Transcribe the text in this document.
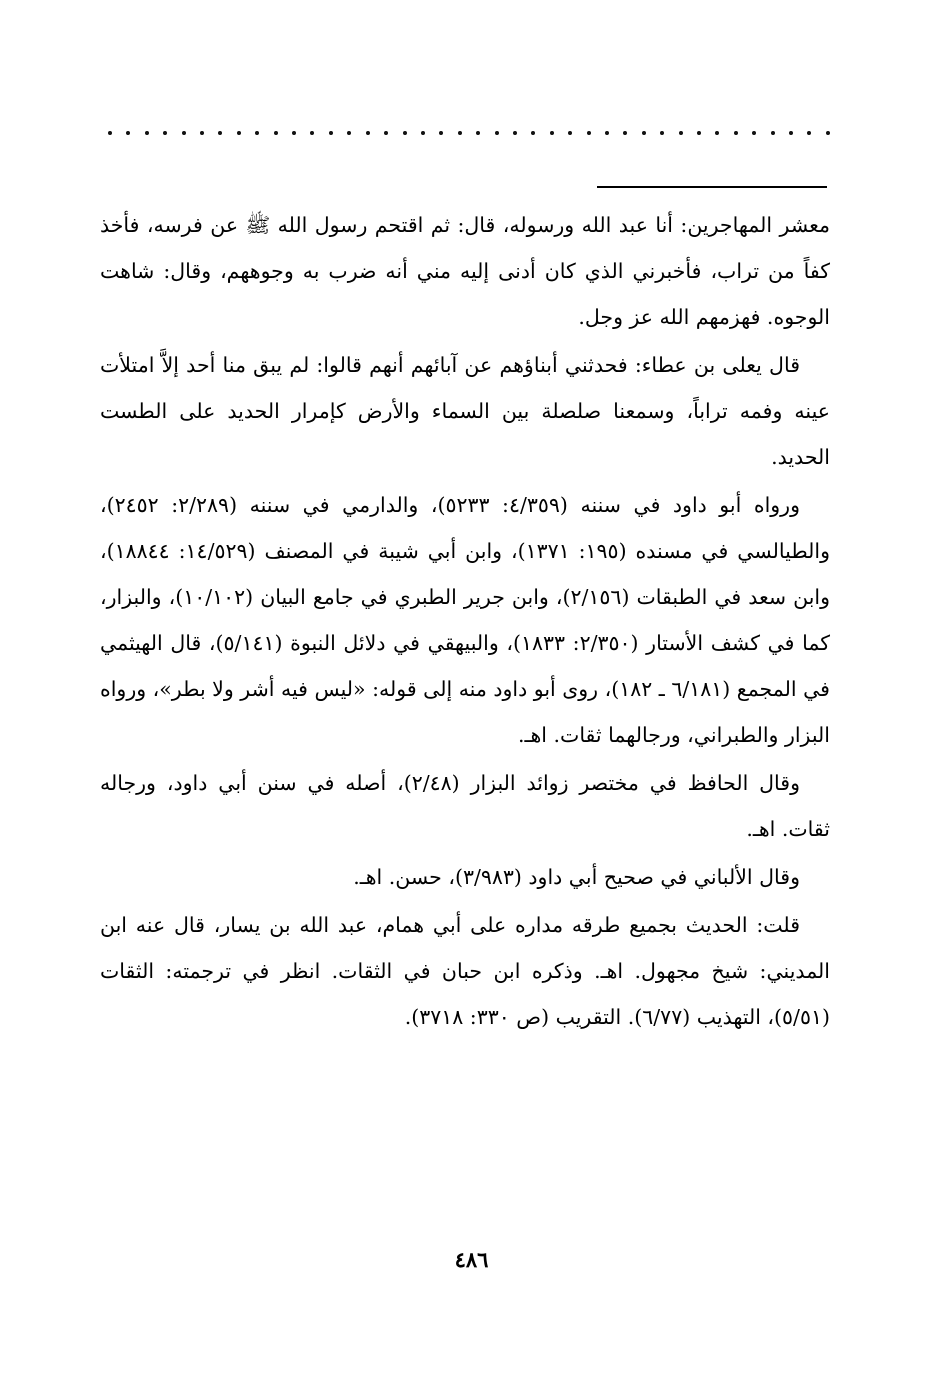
معشر المهاجرين: أنا عبد الله ورسوله، قال: ثم اقتحم رسول الله ﷺ عن فرسه، فأخذ كفاً من تراب، فأخبرني الذي كان أدنى إليه مني أنه ضرب به وجوههم، وقال: شاهت الوجوه. فهزمهم الله عز وجل.

قال يعلى بن عطاء: فحدثني أبناؤهم عن آبائهم أنهم قالوا: لم يبق منا أحد إلاَّ امتلأت عينه وفمه تراباً، وسمعنا صلصلة بين السماء والأرض كإمرار الحديد على الطست الحديد.

ورواه أبو داود في سننه (٤/٣٥٩: ٥٢٣٣)، والدارمي في سننه (٢/٢٨٩: ٢٤٥٢)، والطيالسي في مسنده (١٩٥: ١٣٧١)، وابن أبي شيبة في المصنف (١٤/٥٢٩: ١٨٨٤٤)، وابن سعد في الطبقات (٢/١٥٦)، وابن جرير الطبري في جامع البيان (١٠/١٠٢)، والبزار، كما في كشف الأستار (٢/٣٥٠: ١٨٣٣)، والبيهقي في دلائل النبوة (٥/١٤١)، قال الهيثمي في المجمع (٦/١٨١ ـ ١٨٢)، روى أبو داود منه إلى قوله: «ليس فيه أشر ولا بطر»، ورواه البزار والطبراني، ورجالهما ثقات. اهـ.

وقال الحافظ في مختصر زوائد البزار (٢/٤٨)، أصله في سنن أبي داود، ورجاله ثقات. اهـ.

وقال الألباني في صحيح أبي داود (٣/٩٨٣)، حسن. اهـ.

قلت: الحديث بجميع طرقه مداره على أبي همام، عبد الله بن يسار، قال عنه ابن المديني: شيخ مجهول. اهـ. وذكره ابن حبان في الثقات. انظر في ترجمته: الثقات (٥/٥١)، التهذيب (٦/٧٧). التقريب (ص ٣٣٠: ٣٧١٨).

٤٨٦
